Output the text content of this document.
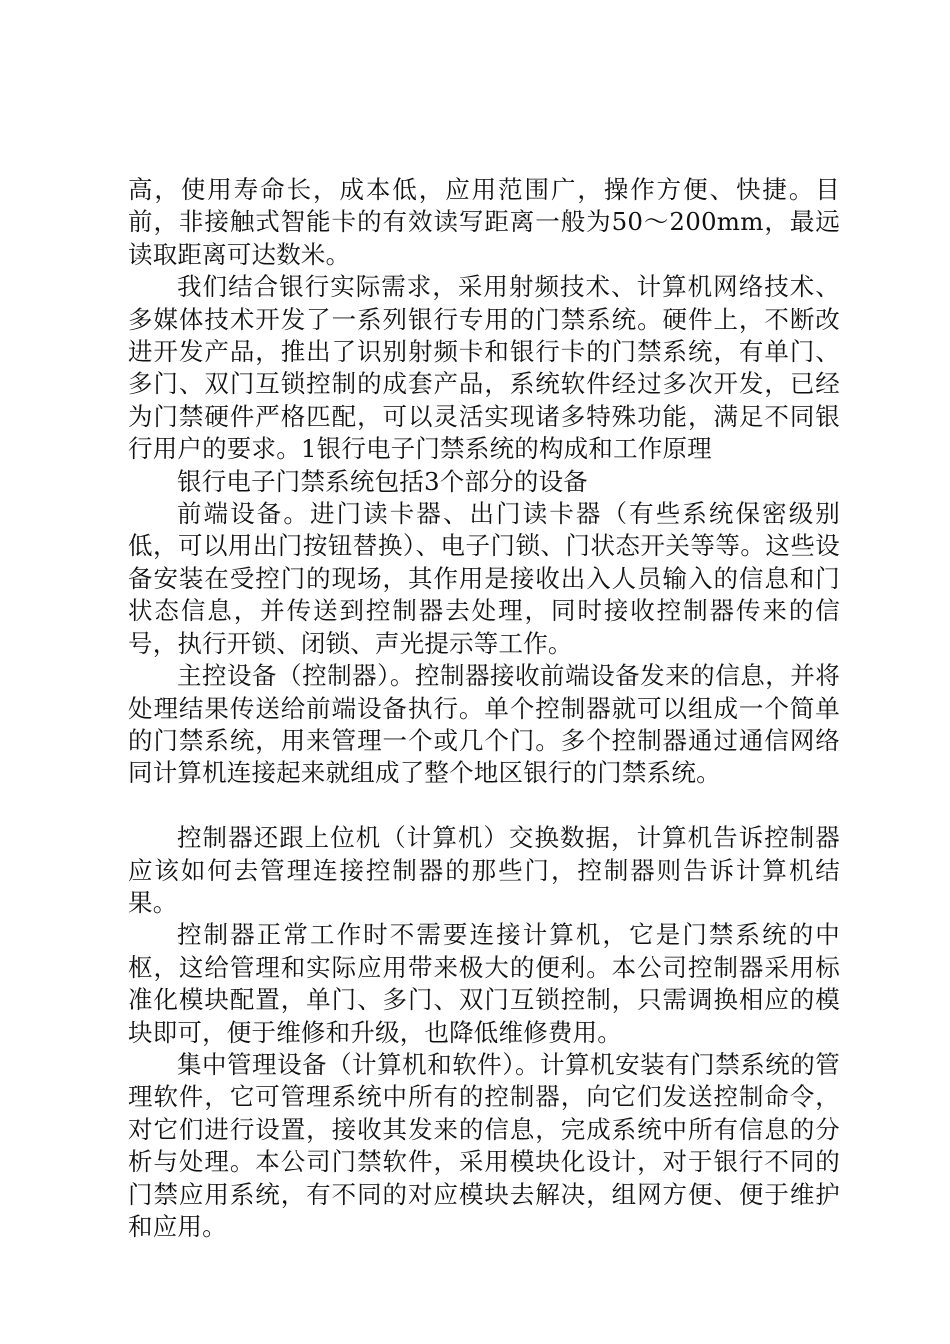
高，使用寿命长，成本低，应用范围广，操作方便、快捷。目前，非接触式智能卡的有效读写距离一般为50～200mm，最远读取距离可达数米。

我们结合银行实际需求，采用射频技术、计算机网络技术、多媒体技术开发了一系列银行专用的门禁系统。硬件上，不断改进开发产品，推出了识别射频卡和银行卡的门禁系统，有单门、多门、双门互锁控制的成套产品，系统软件经过多次开发，已经为门禁硬件严格匹配，可以灵活实现诸多特殊功能，满足不同银行用户的要求。1银行电子门禁系统的构成和工作原理

银行电子门禁系统包括3个部分的设备

前端设备。进门读卡器、出门读卡器（有些系统保密级别低，可以用出门按钮替换）、电子门锁、门状态开关等等。这些设备安装在受控门的现场，其作用是接收出入人员输入的信息和门状态信息，并传送到控制器去处理，同时接收控制器传来的信号，执行开锁、闭锁、声光提示等工作。

主控设备（控制器）。控制器接收前端设备发来的信息，并将处理结果传送给前端设备执行。单个控制器就可以组成一个简单的门禁系统，用来管理一个或几个门。多个控制器通过通信网络同计算机连接起来就组成了整个地区银行的门禁系统。

控制器还跟上位机（计算机）交换数据，计算机告诉控制器应该如何去管理连接控制器的那些门，控制器则告诉计算机结果。

控制器正常工作时不需要连接计算机，它是门禁系统的中枢，这给管理和实际应用带来极大的便利。本公司控制器采用标准化模块配置，单门、多门、双门互锁控制，只需调换相应的模块即可，便于维修和升级，也降低维修费用。

集中管理设备（计算机和软件）。计算机安装有门禁系统的管理软件，它可管理系统中所有的控制器，向它们发送控制命令，对它们进行设置，接收其发来的信息，完成系统中所有信息的分析与处理。本公司门禁软件，采用模块化设计，对于银行不同的门禁应用系统，有不同的对应模块去解决，组网方便、便于维护和应用。
